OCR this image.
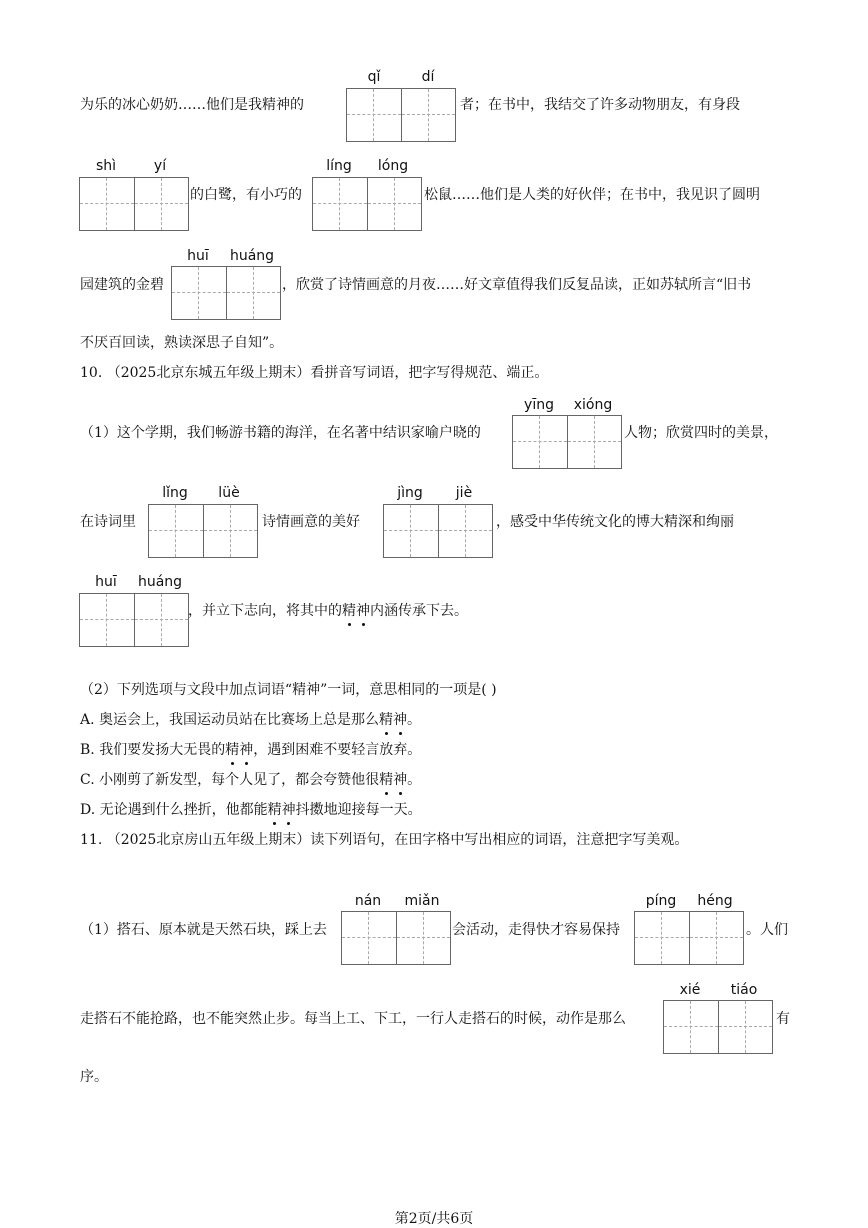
qǐ	dí
为乐的冰心奶奶……他们是我精神的	者；在书中，我结交了许多动物朋友，有身段
shì	yí	líng lóng
的白鹭，有小巧的	松鼠……他们是人类的好伙伴；在书中，我见识了圆明
huī huáng
园建筑的金碧	，欣赏了诗情画意的月夜……好文章值得我们反复品读，正如苏轼所言“旧书
不厌百回读，熟读深思子自知”。
10. （2025北京东城五年级上期末）看拼音写词语，把字写得规范、端正。
yīng xióng
（1）这个学期，我们畅游书籍的海洋，在名著中结识家喻户晓的	人物；欣赏四时的美景，
lǐng lüè	jìng jiè
在诗词里	诗情画意的美好	，感受中华传统文化的博大精深和绚丽
huī huáng
，并立下志向，将其中的精神内涵传承下去。
（2）下列选项与文段中加点词语“精神”一词，意思相同的一项是( )
A. 奥运会上，我国运动员站在比赛场上总是那么精神。
B. 我们要发扬大无畏的精神，遇到困难不要轻言放弃。
C. 小刚剪了新发型，每个人见了，都会夸赞他很精神。
D. 无论遇到什么挫折，他都能精神抖擞地迎接每一天。
11. （2025北京房山五年级上期末）读下列语句，在田字格中写出相应的词语，注意把字写美观。
nán miǎn	píng héng
（1）搭石、原本就是天然石块，踩上去	会活动，走得快才容易保持	。人们
xié tiáo
走搭石不能抢路，也不能突然止步。每当上工、下工，一行人走搭石的时候，动作是那么	有
序。
第2页/共6页
